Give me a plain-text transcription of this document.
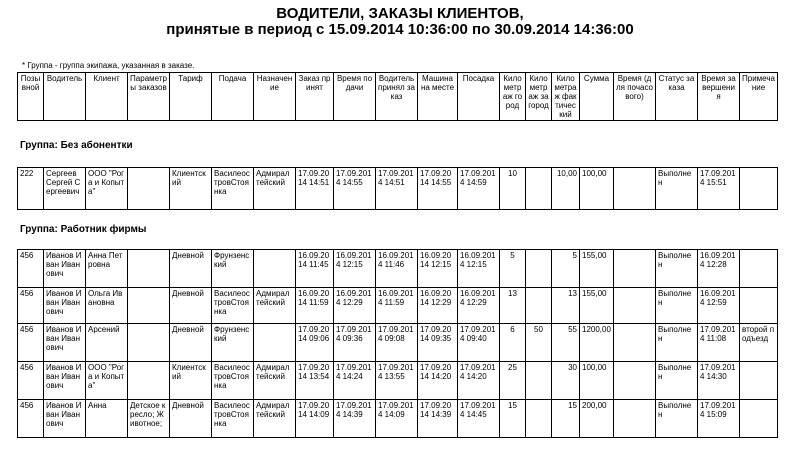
ВОДИТЕЛИ, ЗАКАЗЫ КЛИЕНТОВ,
принятые в период с 15.09.2014 10:36:00 по 30.09.2014 14:36:00
* Группа - группа экипажа, указанная в заказе.
Позывной	Водитель	Клиент	Параметры заказов	Тариф	Подача	Назначение	Заказ принят	Время подачи	Водитель принял заказ	Машина на месте	Посадка	Километраж город	Километраж загород	Километраж фактический	Сумма	Время (для почасового)	Статус заказа	Время завершения	Примечание
Группа: Без абонентки
222	Сергеев Сергей Сергеевич	ООО "Рога и Копыта"		Клиентский	ВасилеостровСтоянка	Адмиралтейский	17.09.2014 14:51	17.09.2014 14:55	17.09.2014 14:51	17.09.2014 14:55	17.09.2014 14:59	10		10,00	100,00		Выполнен	17.09.2014 15:51	
Группа: Работник фирмы
456	Иванов Иван Иванович	Анна Петровна		Дневной	Фрунзенский		16.09.2014 11:45	16.09.2014 12:15	16.09.2014 11:46	16.09.2014 12:15	16.09.2014 12:15	5		5	155,00		Выполнен	16.09.2014 12:28	
456	Иванов Иван Иванович	Ольга Ивановна		Дневной	ВасилеостровСтоянка	Адмиралтейский	16.09.2014 11:59	16.09.2014 12:29	16.09.2014 11:59	16.09.2014 12:29	16.09.2014 12:29	13		13	155,00		Выполнен	16.09.2014 12:59	
456	Иванов Иван Иванович	Арсений		Дневной	Фрунзенский		17.09.2014 09:06	17.09.2014 09:36	17.09.2014 09:08	17.09.2014 09:35	17.09.2014 09:40	6	50	55	1200,00		Выполнен	17.09.2014 11:08	второй подъезд
456	Иванов Иван Иванович	ООО "Рога и Копыта"		Клиентский	ВасилеостровСтоянка	Адмиралтейский	17.09.2014 13:54	17.09.2014 14:24	17.09.2014 13:55	17.09.2014 14:20	17.09.2014 14:20	25		30	100,00		Выполнен	17.09.2014 14:30	
456	Иванов Иван Иванович	Анна	Детское кресло; Животное;	Дневной	ВасилеостровСтоянка	Адмиралтейский	17.09.2014 14:09	17.09.2014 14:39	17.09.2014 14:09	17.09.2014 14:39	17.09.2014 14:45	15		15	200,00		Выполнен	17.09.2014 15:09	
